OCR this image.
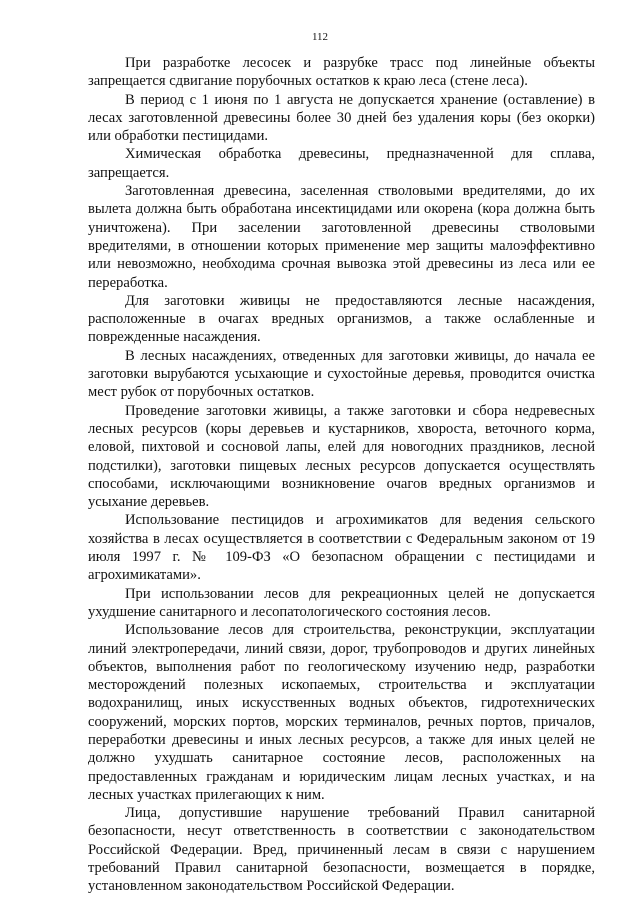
112

При разработке лесосек и разрубке трасс под линейные объекты запрещается сдвигание порубочных остатков к краю леса (стене леса).

В период с 1 июня по 1 августа не допускается хранение (оставление) в лесах заготовленной древесины более 30 дней без удаления коры (без окорки) или обработки пестицидами.

Химическая обработка древесины, предназначенной для сплава, запрещается.

Заготовленная древесина, заселенная стволовыми вредителями, до их вылета должна быть обработана инсектицидами или окорена (кора должна быть уничтожена). При заселении заготовленной древесины стволовыми вредителями, в отношении которых применение мер защиты малоэффективно или невозможно, необходима срочная вывозка этой древесины из леса или ее переработка.

Для заготовки живицы не предоставляются лесные насаждения, расположенные в очагах вредных организмов, а также ослабленные и поврежденные насаждения.

В лесных насаждениях, отведенных для заготовки живицы, до начала ее заготовки вырубаются усыхающие и сухостойные деревья, проводится очистка мест рубок от порубочных остатков.

Проведение заготовки живицы, а также заготовки и сбора недревесных лесных ресурсов (коры деревьев и кустарников, хвороста, веточного корма, еловой, пихтовой и сосновой лапы, елей для новогодних праздников, лесной подстилки), заготовки пищевых лесных ресурсов допускается осуществлять способами, исключающими возникновение очагов вредных организмов и усыхание деревьев.

Использование пестицидов и агрохимикатов для ведения сельского хозяйства в лесах осуществляется в соответствии с Федеральным законом от 19 июля 1997 г. № 109-ФЗ «О безопасном обращении с пестицидами и агрохимикатами».

При использовании лесов для рекреационных целей не допускается ухудшение санитарного и лесопатологического состояния лесов.

Использование лесов для строительства, реконструкции, эксплуатации линий электропередачи, линий связи, дорог, трубопроводов и других линейных объектов, выполнения работ по геологическому изучению недр, разработки месторождений полезных ископаемых, строительства и эксплуатации водохранилищ, иных искусственных водных объектов, гидротехнических сооружений, морских портов, морских терминалов, речных портов, причалов, переработки древесины и иных лесных ресурсов, а также для иных целей не должно ухудшать санитарное состояние лесов, расположенных на предоставленных гражданам и юридическим лицам лесных участках, и на лесных участках прилегающих к ним.

Лица, допустившие нарушение требований Правил санитарной безопасности, несут ответственность в соответствии с законодательством Российской Федерации. Вред, причиненный лесам в связи с нарушением требований Правил санитарной безопасности, возмещается в порядке, установленном законодательством Российской Федерации.
